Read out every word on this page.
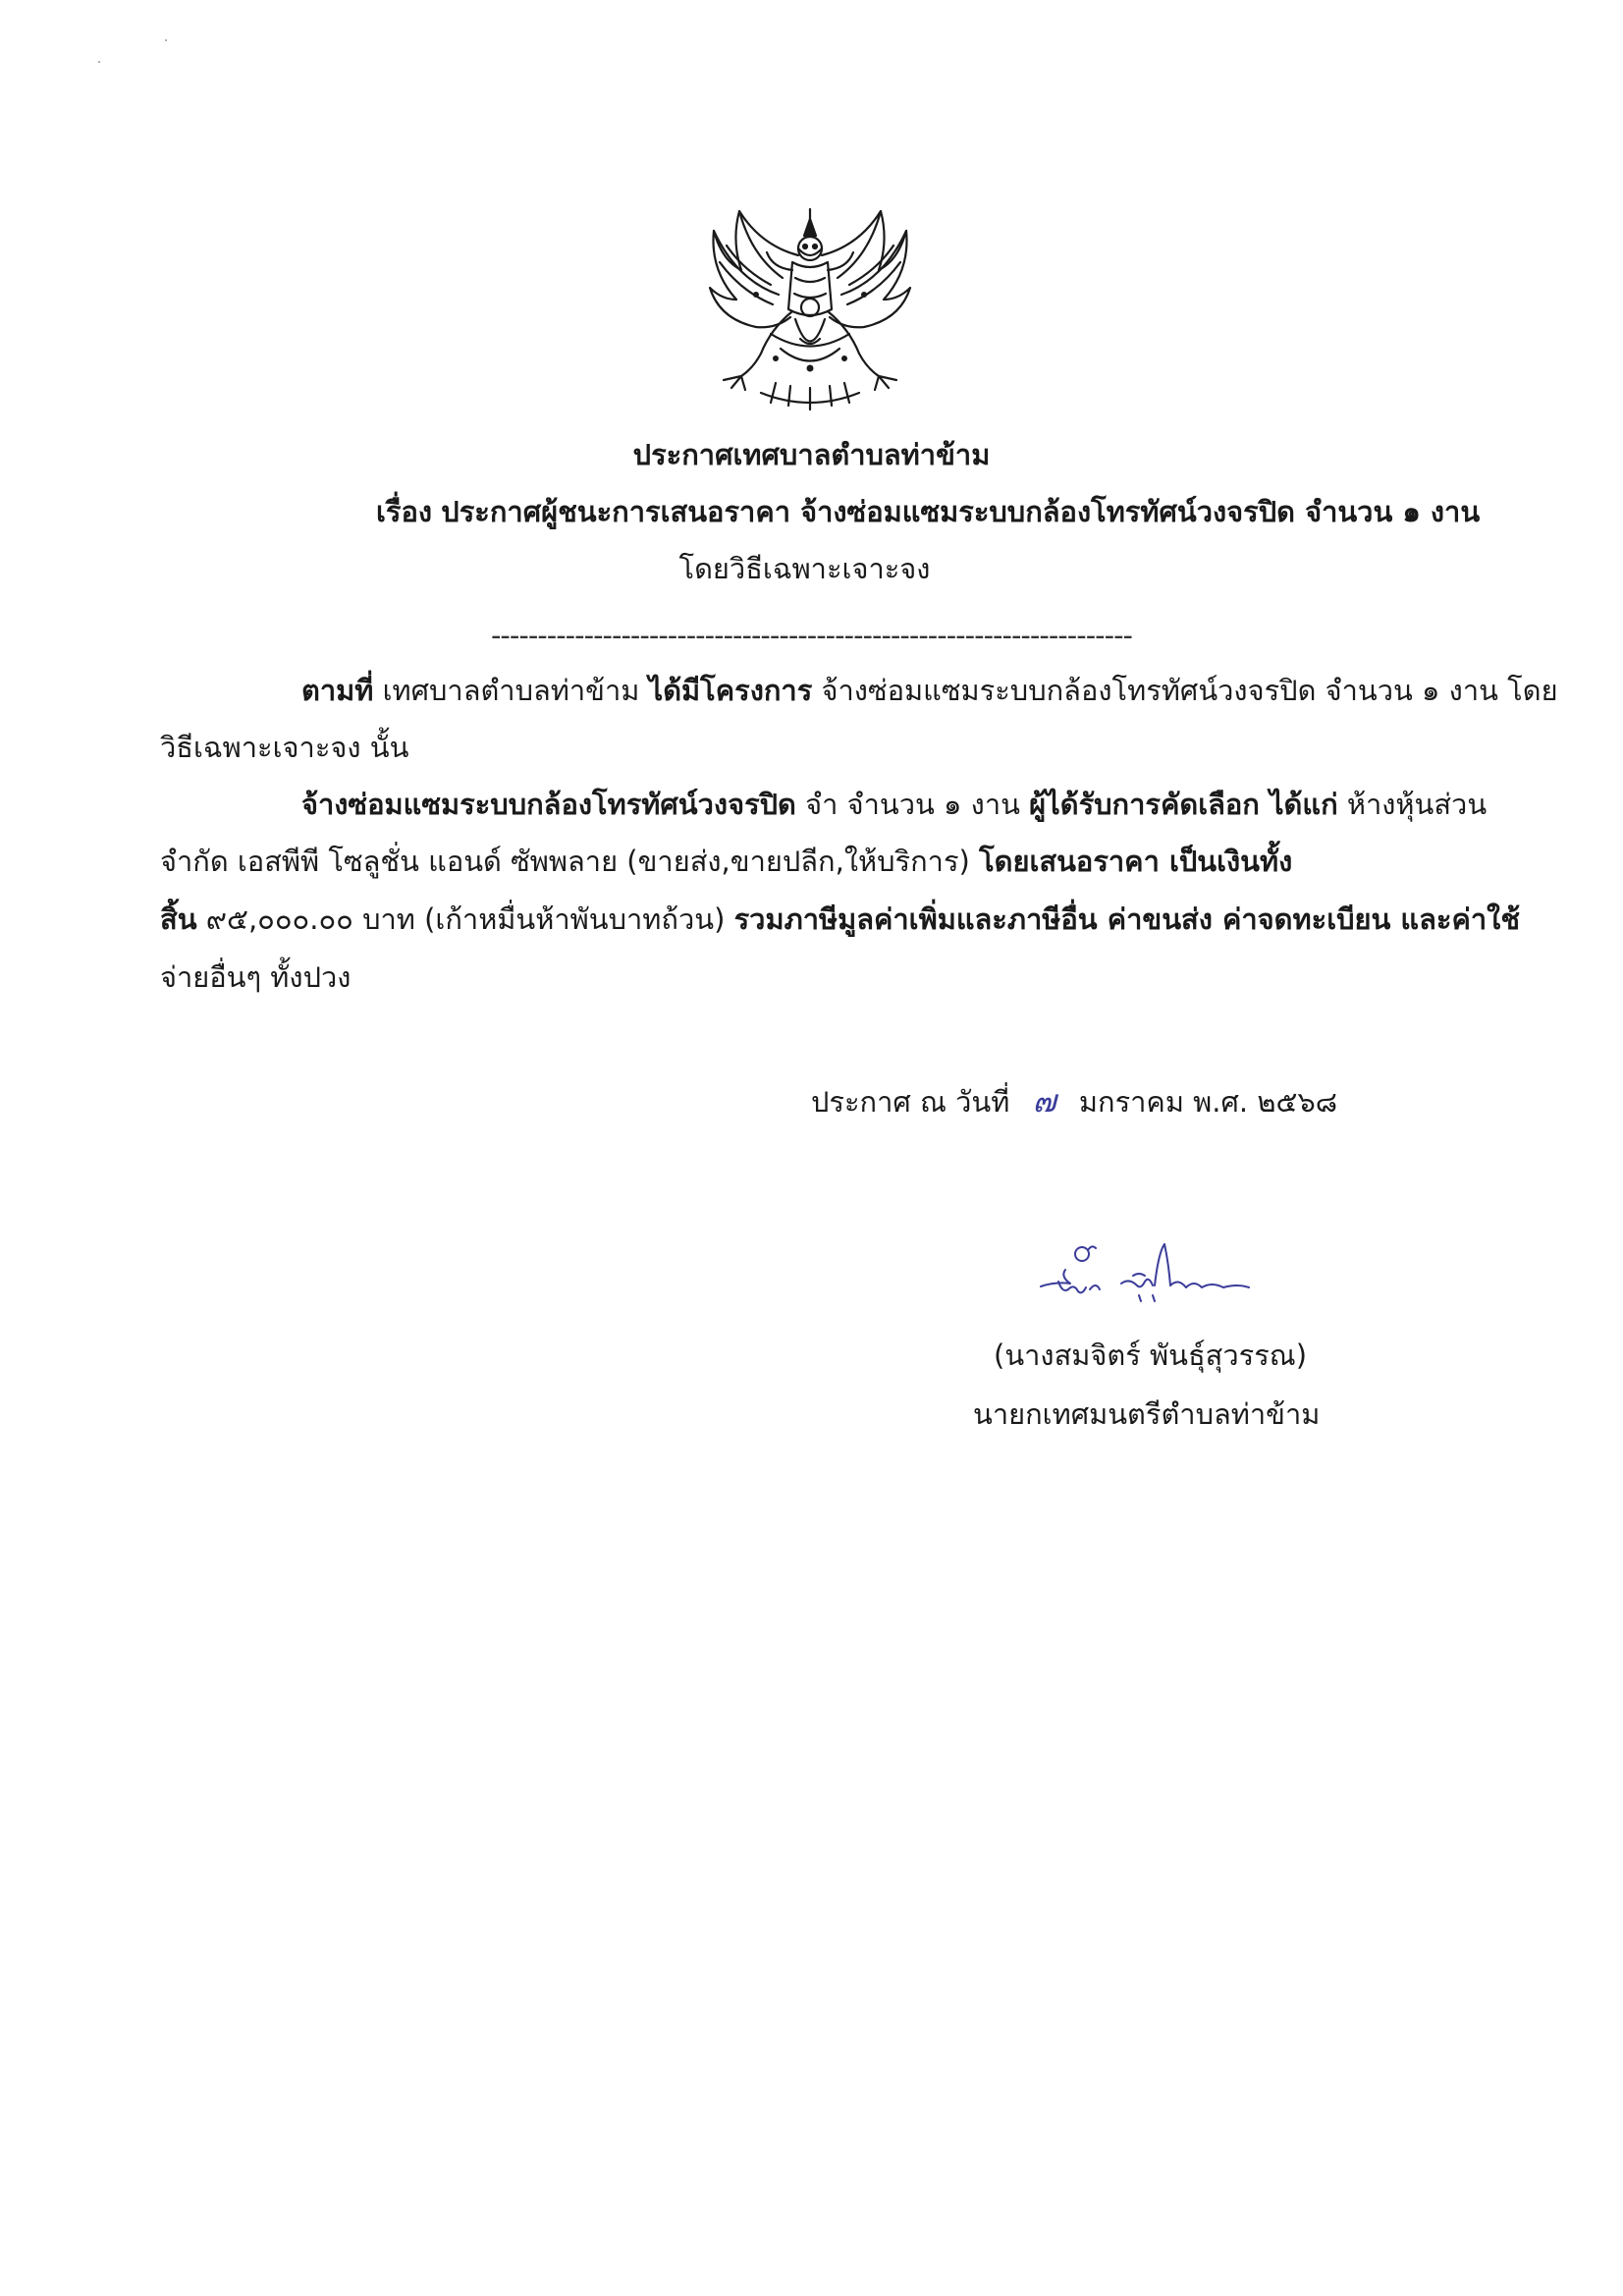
ประกาศเทศบาลตำบลท่าข้าม
เรื่อง ประกาศผู้ชนะการเสนอราคา จ้างซ่อมแซมระบบกล้องโทรทัศน์วงจรปิด จำนวน ๑ งาน
โดยวิธีเฉพาะเจาะจง
---------------------------------------------------------------------
ตามที่ เทศบาลตำบลท่าข้าม ได้มีโครงการ จ้างซ่อมแซมระบบกล้องโทรทัศน์วงจรปิด จำนวน ๑ งาน โดย
วิธีเฉพาะเจาะจง นั้น
จ้างซ่อมแซมระบบกล้องโทรทัศน์วงจรปิด จำ จำนวน ๑ งาน ผู้ได้รับการคัดเลือก ได้แก่ ห้างหุ้นส่วน
จำกัด เอสพีพี โซลูชั่น แอนด์ ซัพพลาย (ขายส่ง,ขายปลีก,ให้บริการ) โดยเสนอราคา เป็นเงินทั้ง
สิ้น ๙๕,๐๐๐.๐๐ บาท (เก้าหมื่นห้าพันบาทถ้วน) รวมภาษีมูลค่าเพิ่มและภาษีอื่น ค่าขนส่ง ค่าจดทะเบียน และค่าใช้
จ่ายอื่นๆ ทั้งปวง
ประกาศ ณ วันที่ ๗ มกราคม พ.ศ. ๒๕๖๘
(นางสมจิตร์ พันธุ์สุวรรณ)
นายกเทศมนตรีตำบลท่าข้าม
